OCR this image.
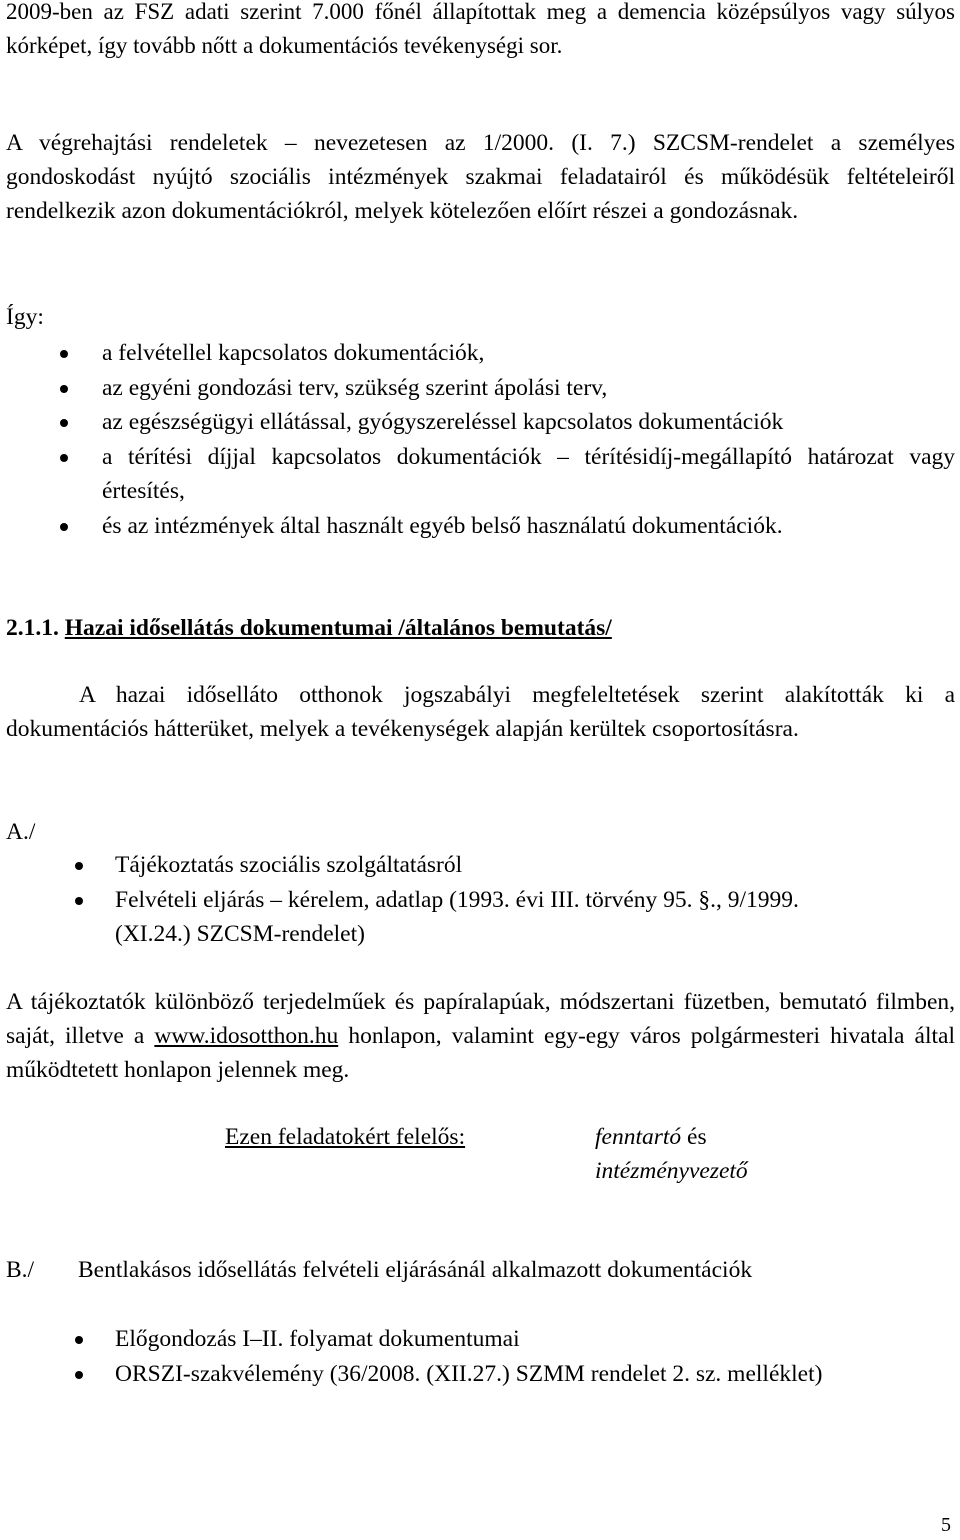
2009-ben az FSZ adati szerint 7.000 főnél állapítottak meg a demencia középsúlyos vagy súlyos kórképet, így tovább nőtt a dokumentációs tevékenységi sor.

A végrehajtási rendeletek – nevezetesen az 1/2000. (I. 7.) SZCSM-rendelet a személyes gondoskodást nyújtó szociális intézmények szakmai feladatairól és működésük feltételeiről rendelkezik azon dokumentációkról, melyek kötelezően előírt részei a gondozásnak.

Így:

a felvétellel kapcsolatos dokumentációk,
az egyéni gondozási terv, szükség szerint ápolási terv,
az egészségügyi ellátással, gyógyszereléssel kapcsolatos dokumentációk
a térítési díjjal kapcsolatos dokumentációk – térítésidíj-megállapító határozat vagy értesítés,
és az intézmények által használt egyéb belső használatú dokumentációk.

2.1.1. Hazai idősellátás dokumentumai /általános bemutatás/

A hazai időselláto otthonok jogszabályi megfeleltetések szerint alakították ki a dokumentációs hátterüket, melyek a tevékenységek alapján kerültek csoportosításra.

A./

Tájékoztatás szociális szolgáltatásról
Felvételi eljárás – kérelem, adatlap (1993. évi III. törvény 95. §., 9/1999. (XI.24.) SZCSM-rendelet)

A tájékoztatók különböző terjedelműek és papíralapúak, módszertani füzetben, bemutató filmben, saját, illetve a www.idosotthon.hu honlapon, valamint egy-egy város polgármesteri hivatala által működtetett honlapon jelennek meg.

Ezen feladatokért felelős:	fenntartó és intézményvezető

B./ Bentlakásos idősellátás felvételi eljárásánál alkalmazott dokumentációk

Előgondozás I–II. folyamat dokumentumai
ORSZI-szakvélemény (36/2008. (XII.27.) SZMM rendelet 2. sz. melléklet)

5
